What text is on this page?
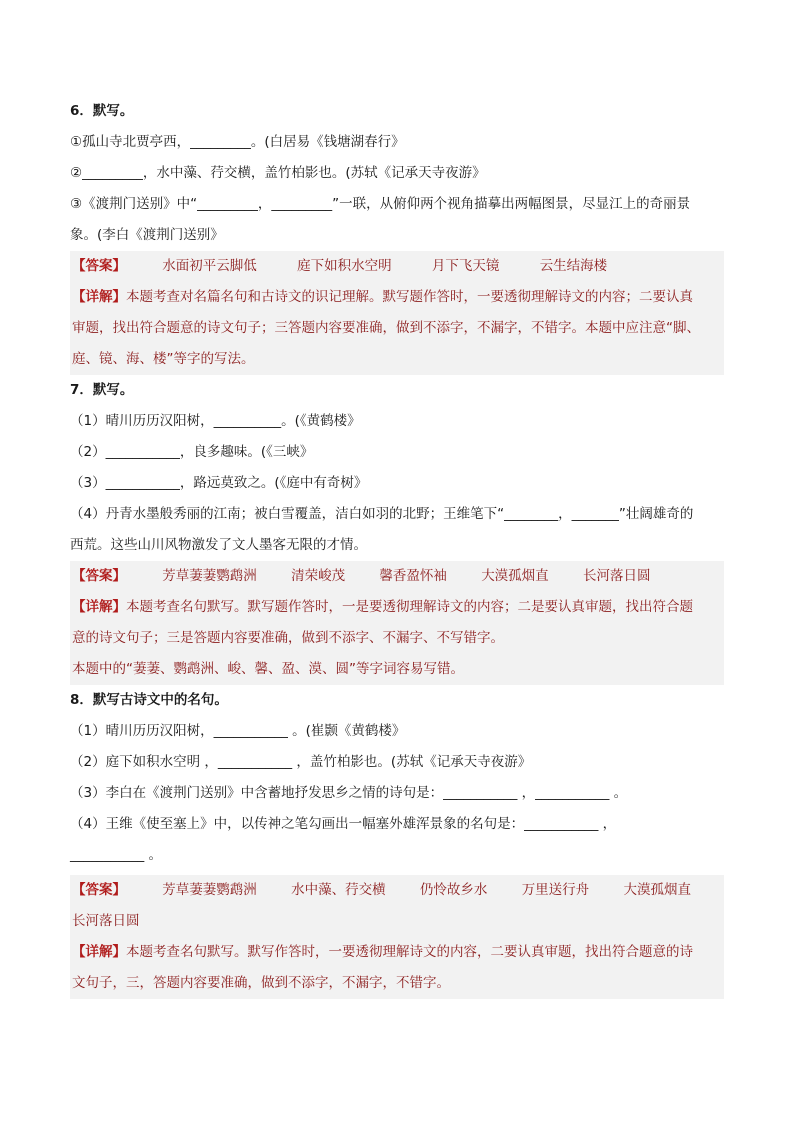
6．默写。
①孤山寺北贾亭西，_________。(白居易《钱塘湖春行》
②_________，水中藻、荇交横，盖竹柏影也。(苏轼《记承天寺夜游》
③《渡荆门送别》中“_________，_________”一联，从俯仰两个视角描摹出两幅图景，尽显江上的奇丽景
象。(李白《渡荆门送别》
【答案】	水面初平云脚低	庭下如积水空明	月下飞天镜	云生结海楼
【详解】本题考查对名篇名句和古诗文的识记理解。默写题作答时，一要透彻理解诗文的内容；二要认真
审题，找出符合题意的诗文句子；三答题内容要准确，做到不添字，不漏字，不错字。本题中应注意“脚、
庭、镜、海、楼”等字的写法。
7．默写。
（1）晴川历历汉阳树，__________。(《黄鹤楼》
（2）___________，良多趣味。(《三峡》
（3）___________，路远莫致之。(《庭中有奇树》
（4）丹青水墨般秀丽的江南；被白雪覆盖，洁白如羽的北野；王维笔下“________，_______”壮阔雄奇的
西荒。这些山川风物激发了文人墨客无限的才情。
【答案】	芳草萋萋鹦鹉洲	清荣峻茂	馨香盈怀袖	大漠孤烟直	长河落日圆
【详解】本题考查名句默写。默写题作答时，一是要透彻理解诗文的内容；二是要认真审题，找出符合题
意的诗文句子；三是答题内容要准确，做到不添字、不漏字、不写错字。
本题中的“萋萋、鹦鹉洲、峻、馨、盈、漠、圆”等字词容易写错。
8．默写古诗文中的名句。
（1）晴川历历汉阳树，___________ 。(崔颢《黄鹤楼》
（2）庭下如积水空明 ，___________ ，盖竹柏影也。(苏轼《记承天寺夜游》
（3）李白在《渡荆门送别》中含蓄地抒发思乡之情的诗句是：___________ ，___________ 。
（4）王维《使至塞上》中，以传神之笔勾画出一幅塞外雄浑景象的名句是：___________ ，
___________ 。
【答案】	芳草萋萋鹦鹉洲	水中藻、荇交横	仍怜故乡水	万里送行舟	大漠孤烟直
长河落日圆
【详解】本题考查名句默写。默写作答时，一要透彻理解诗文的内容，二要认真审题，找出符合题意的诗
文句子，三，答题内容要准确，做到不添字，不漏字，不错字。
